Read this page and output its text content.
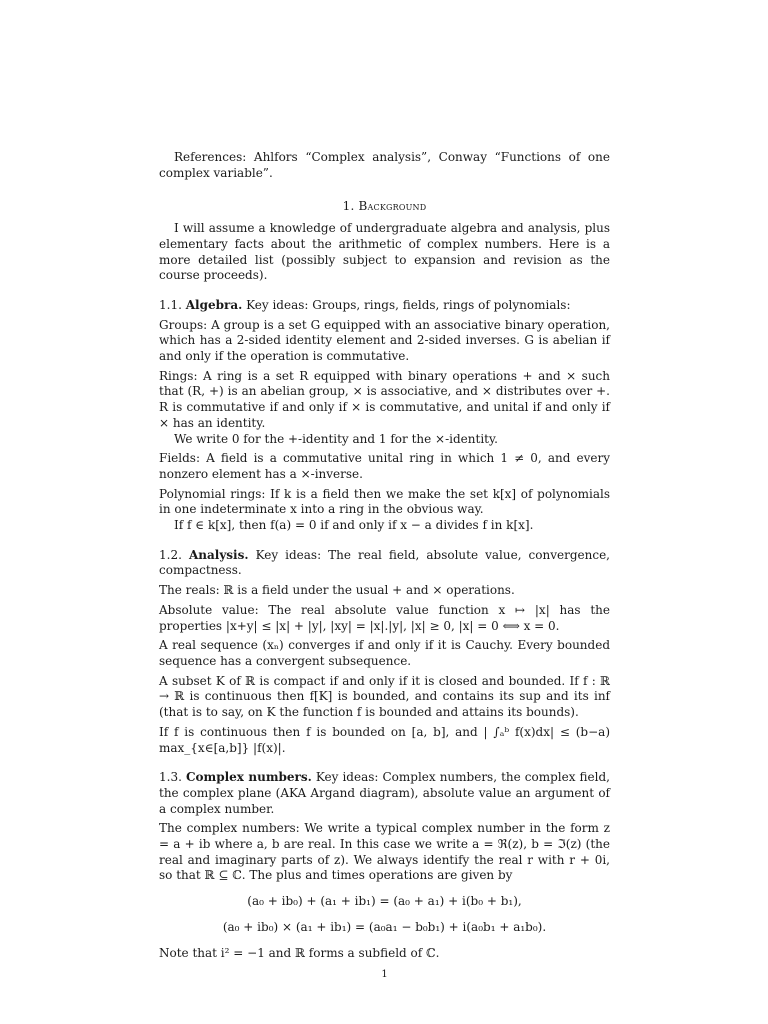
References: Ahlfors “Complex analysis”, Conway “Functions of one complex variable”.

1. Background

I will assume a knowledge of undergraduate algebra and analysis, plus elementary facts about the arithmetic of complex numbers. Here is a more detailed list (possibly subject to expansion and revision as the course proceeds).

1.1. Algebra. Key ideas: Groups, rings, fields, rings of polynomials:

Groups: A group is a set G equipped with an associative binary operation, which has a 2-sided identity element and 2-sided inverses. G is abelian if and only if the operation is commutative.

Rings: A ring is a set R equipped with binary operations + and × such that (R, +) is an abelian group, × is associative, and × distributes over +. R is commutative if and only if × is commutative, and unital if and only if × has an identity.

We write 0 for the +-identity and 1 for the ×-identity.

Fields: A field is a commutative unital ring in which 1 ≠ 0, and every nonzero element has a ×-inverse.

Polynomial rings: If k is a field then we make the set k[x] of polynomials in one indeterminate x into a ring in the obvious way.

If f ∈ k[x], then f(a) = 0 if and only if x − a divides f in k[x].

1.2. Analysis. Key ideas: The real field, absolute value, convergence, compactness.

The reals: ℝ is a field under the usual + and × operations.

Absolute value: The real absolute value function x ↦ |x| has the properties |x+y| ≤ |x| + |y|, |xy| = |x|.|y|, |x| ≥ 0, |x| = 0 ⟺ x = 0.

A real sequence (xₙ) converges if and only if it is Cauchy. Every bounded sequence has a convergent subsequence.

A subset K of ℝ is compact if and only if it is closed and bounded. If f : ℝ → ℝ is continuous then f[K] is bounded, and contains its sup and its inf (that is to say, on K the function f is bounded and attains its bounds).

If f is continuous then f is bounded on [a, b], and | ∫ₐᵇ f(x)dx| ≤ (b−a) max_{x∈[a,b]} |f(x)|.

1.3. Complex numbers. Key ideas: Complex numbers, the complex field, the complex plane (AKA Argand diagram), absolute value an argument of a complex number.

The complex numbers: We write a typical complex number in the form z = a + ib where a, b are real. In this case we write a = ℜ(z), b = ℑ(z) (the real and imaginary parts of z). We always identify the real r with r + 0i, so that ℝ ⊆ ℂ. The plus and times operations are given by

(a₀ + ib₀) + (a₁ + ib₁) = (a₀ + a₁) + i(b₀ + b₁),
(a₀ + ib₀) × (a₁ + ib₁) = (a₀a₁ − b₀b₁) + i(a₀b₁ + a₁b₀).

Note that i² = −1 and ℝ forms a subfield of ℂ.

1
